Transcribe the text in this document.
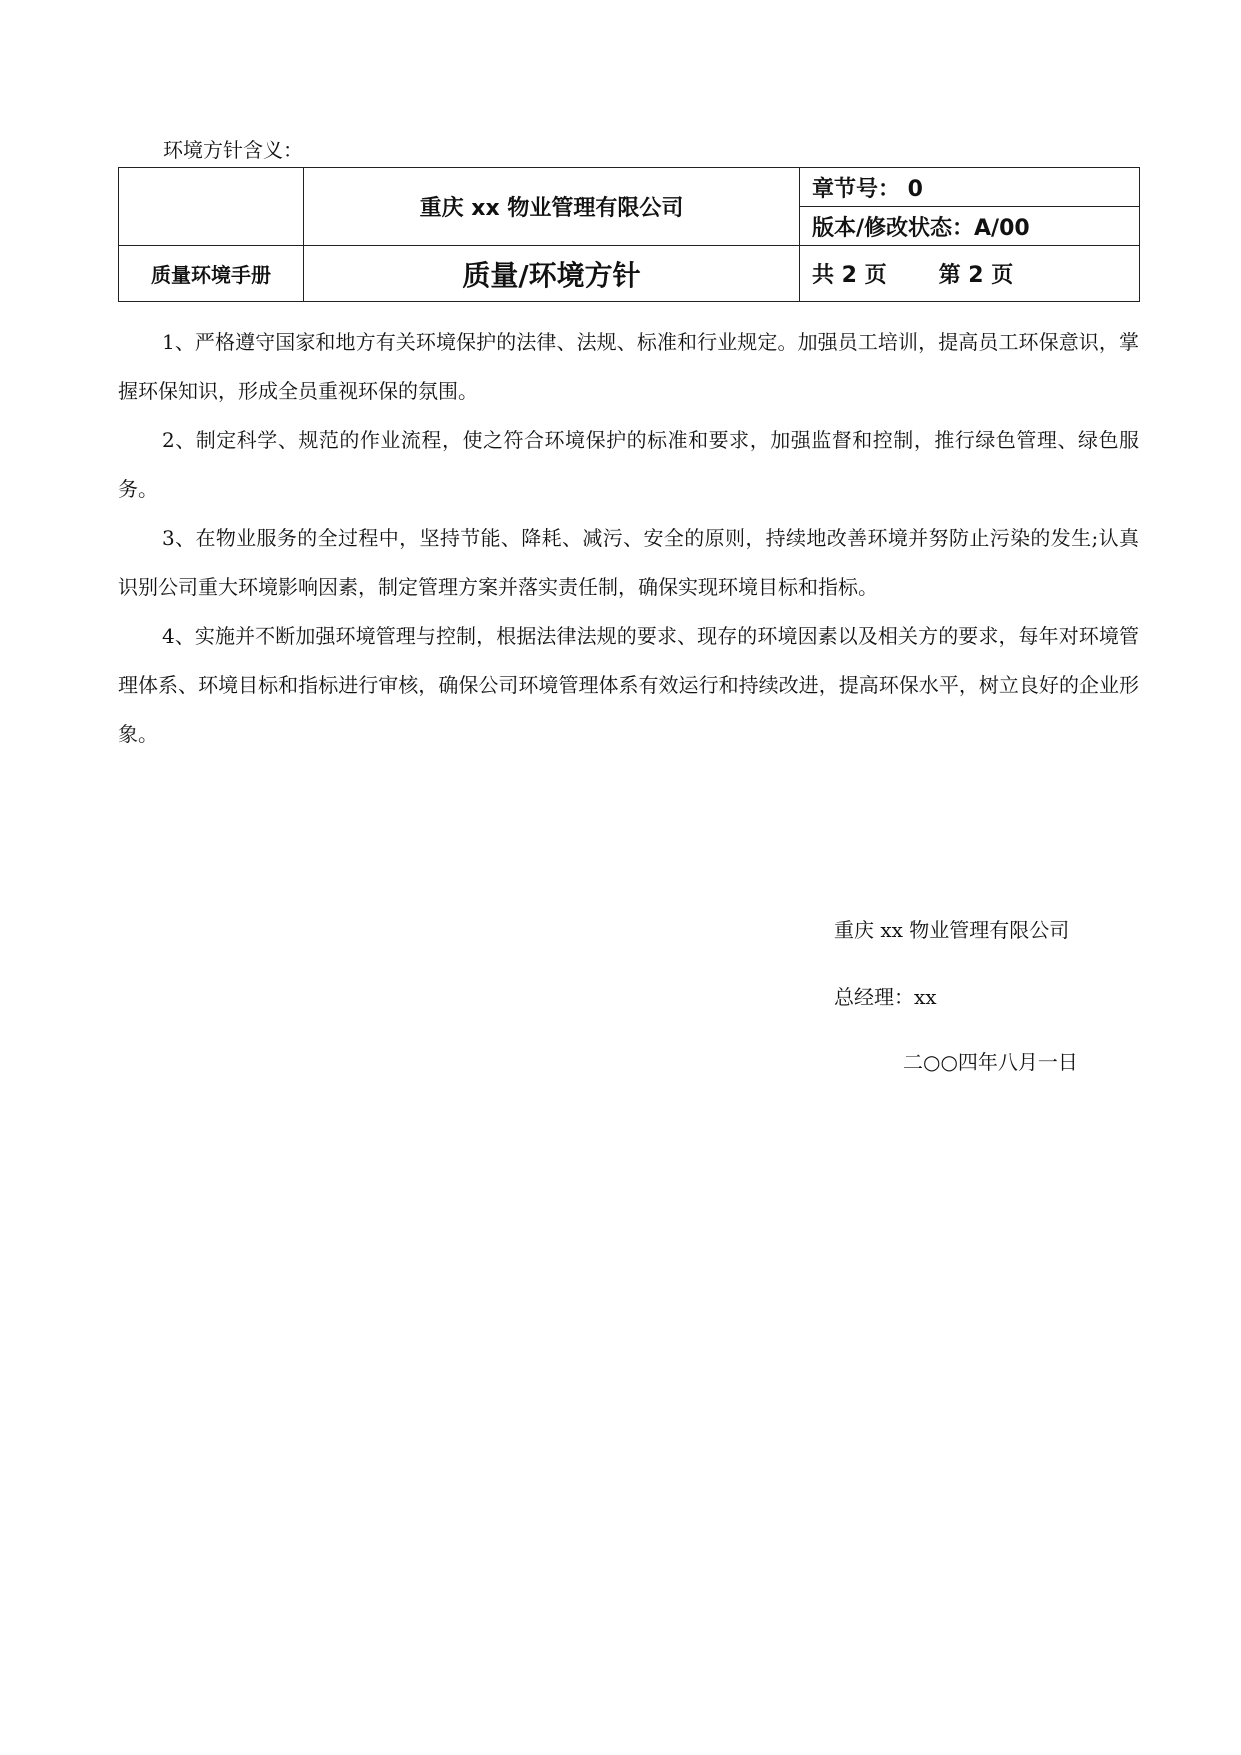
环境方针含义：
	重庆 xx 物业管理有限公司	章节号： 0
		版本/修改状态：A/00
质量环境手册	质量/环境方针	共 2 页 第 2 页

1、严格遵守国家和地方有关环境保护的法律、法规、标准和行业规定。加强员工培训，提高员工环保意识，掌握环保知识，形成全员重视环保的氛围。

2、制定科学、规范的作业流程，使之符合环境保护的标准和要求，加强监督和控制，推行绿色管理、绿色服务。

3、在物业服务的全过程中，坚持节能、降耗、减污、安全的原则，持续地改善环境并努防止污染的发生;认真识别公司重大环境影响因素，制定管理方案并落实责任制，确保实现环境目标和指标。

4、实施并不断加强环境管理与控制，根据法律法规的要求、现存的环境因素以及相关方的要求，每年对环境管理体系、环境目标和指标进行审核，确保公司环境管理体系有效运行和持续改进，提高环保水平，树立良好的企业形象。

重庆 xx 物业管理有限公司
总经理：xx
二○○四年八月一日
